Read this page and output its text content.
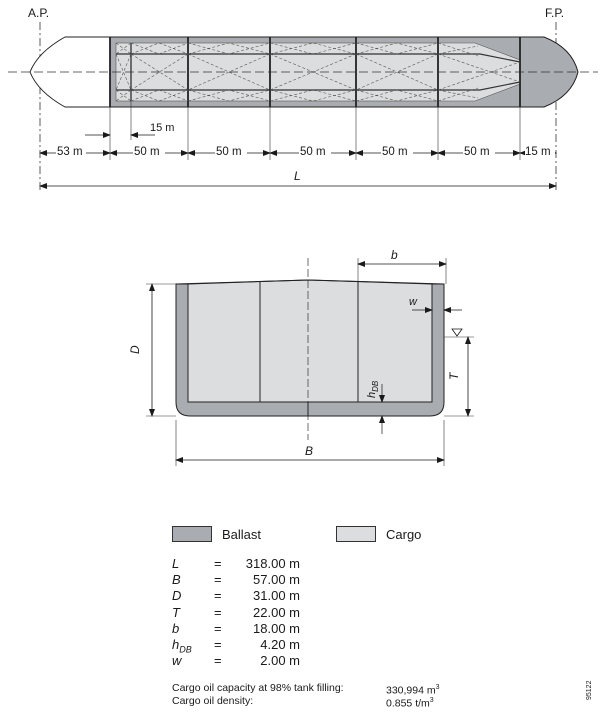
15 m
53 m	50 m	50 m	50 m	50 m	50 m	15 m
L
A.P.	F.P.
b
w
D
T
$h_{DB}$
B
Ballast	Cargo
L	=	318.00 m
B	=	57.00 m
D	=	31.00 m
T	=	22.00 m
b	=	18.00 m
$h_{DB}$ =	4.20 m
w	=	2.00 m
Cargo oil capacity at 98% tank filling:	330,994 $m^3$
Cargo oil density:	0.855 $t/m^3$	95122
